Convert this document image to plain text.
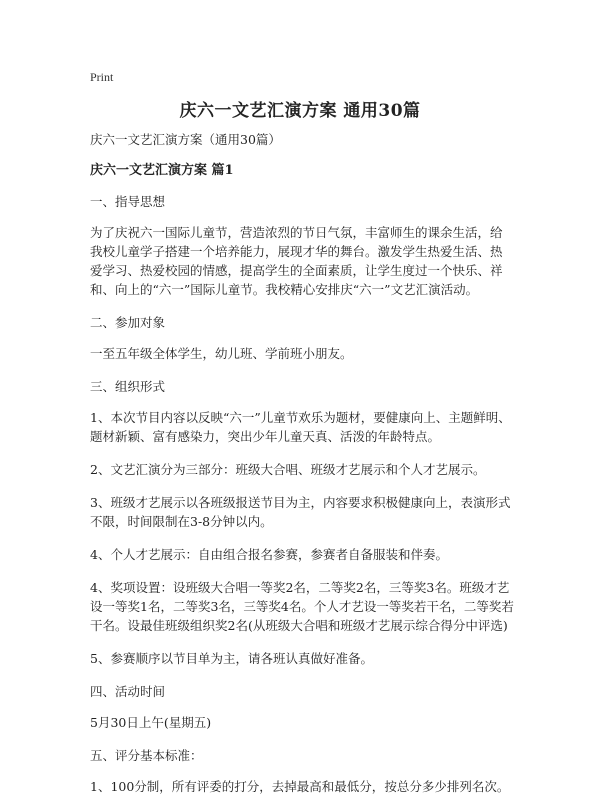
Print
庆六一文艺汇演方案 通用30篇
庆六一文艺汇演方案（通用30篇）
庆六一文艺汇演方案 篇1
一、指导思想
为了庆祝六一国际儿童节，营造浓烈的节日气氛，丰富师生的课余生活，给我校儿童学子搭建一个培养能力，展现才华的舞台。激发学生热爱生活、热爱学习、热爱校园的情感，提高学生的全面素质，让学生度过一个快乐、祥和、向上的“六一”国际儿童节。我校精心安排庆“六一”文艺汇演活动。
二、参加对象
一至五年级全体学生，幼儿班、学前班小朋友。
三、组织形式
1、本次节目内容以反映“六一”儿童节欢乐为题材，要健康向上、主题鲜明、题材新颖、富有感染力，突出少年儿童天真、活泼的年龄特点。
2、文艺汇演分为三部分：班级大合唱、班级才艺展示和个人才艺展示。
3、班级才艺展示以各班级报送节目为主，内容要求积极健康向上，表演形式不限，时间限制在3-8分钟以内。
4、个人才艺展示：自由组合报名参赛，参赛者自备服装和伴奏。
4、奖项设置：设班级大合唱一等奖2名，二等奖2名，三等奖3名。班级才艺设一等奖1名，二等奖3名，三等奖4名。个人才艺设一等奖若干名，二等奖若干名。设最佳班级组织奖2名(从班级大合唱和班级才艺展示综合得分中评选)
5、参赛顺序以节目单为主，请各班认真做好准备。
四、活动时间
5月30日上午(星期五)
五、评分基本标准：
1、100分制，所有评委的打分，去掉最高和最低分，按总分多少排列名次。
